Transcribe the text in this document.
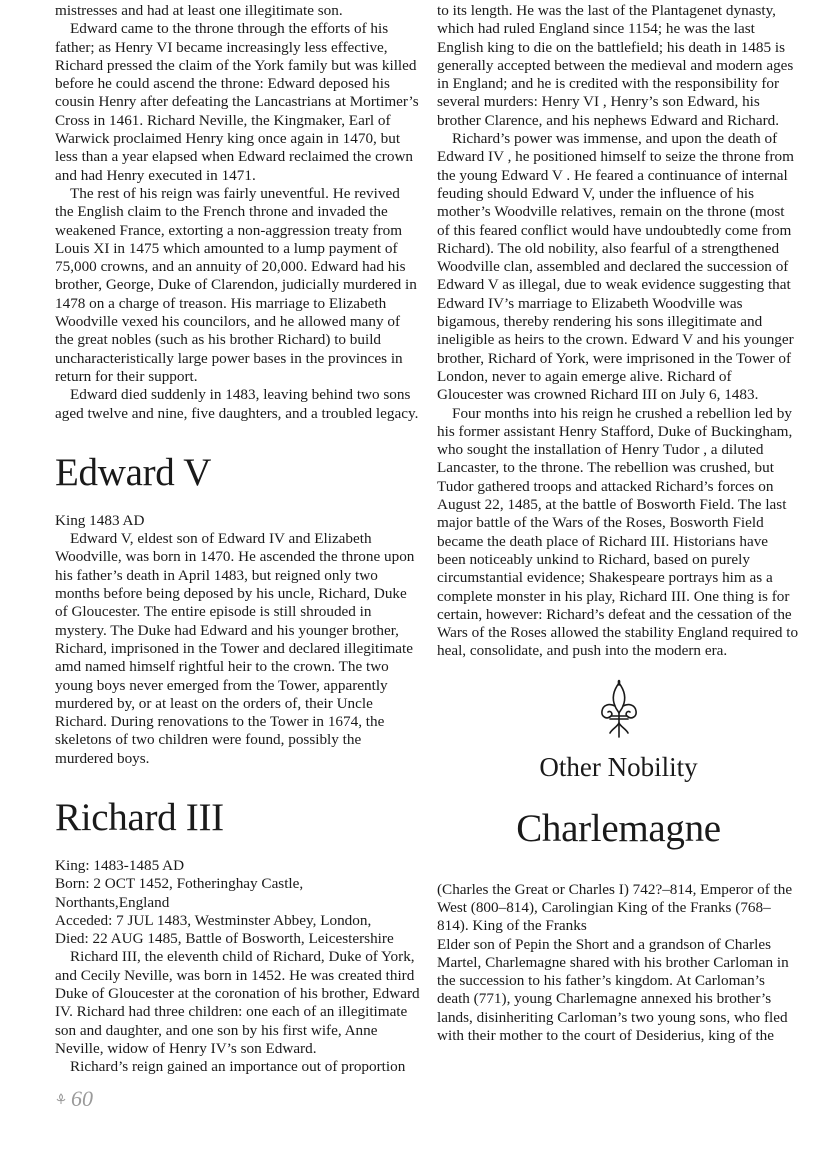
mistresses and had at least one illegitimate son.

Edward came to the throne through the efforts of his father; as Henry VI became increasingly less effective, Richard pressed the claim of the York family but was killed before he could ascend the throne: Edward deposed his cousin Henry after defeating the Lancastrians at Mortimer’s Cross in 1461. Richard Neville, the Kingmaker, Earl of Warwick proclaimed Henry king once again in 1470, but less than a year elapsed when Edward reclaimed the crown and had Henry executed in 1471.

The rest of his reign was fairly uneventful. He revived the English claim to the French throne and invaded the weakened France, extorting a non-aggression treaty from Louis XI in 1475 which amounted to a lump payment of 75,000 crowns, and an annuity of 20,000. Edward had his brother, George, Duke of Clarendon, judicially murdered in 1478 on a charge of treason. His marriage to Elizabeth Woodville vexed his councilors, and he allowed many of the great nobles (such as his brother Richard) to build uncharacteristically large power bases in the provinces in return for their support.

Edward died suddenly in 1483, leaving behind two sons aged twelve and nine, five daughters, and a troubled legacy.

Edward V

King 1483 AD

Edward V, eldest son of Edward IV and Elizabeth Woodville, was born in 1470. He ascended the throne upon his father’s death in April 1483, but reigned only two months before being deposed by his uncle, Richard, Duke of Gloucester. The entire episode is still shrouded in mystery. The Duke had Edward and his younger brother, Richard, imprisoned in the Tower and declared illegitimate amd named himself rightful heir to the crown. The two young boys never emerged from the Tower, apparently murdered by, or at least on the orders of, their Uncle Richard. During renovations to the Tower in 1674, the skeletons of two children were found, possibly the murdered boys.

Richard III

King: 1483-1485 AD

Born: 2 OCT 1452, Fotheringhay Castle, Northants,England

Acceded: 7 JUL 1483, Westminster Abbey, London,

Died: 22 AUG 1485, Battle of Bosworth, Leicestershire

Richard III, the eleventh child of Richard, Duke of York, and Cecily Neville, was born in 1452. He was created third Duke of Gloucester at the coronation of his brother, Edward IV. Richard had three children: one each of an illegitimate son and daughter, and one son by his first wife, Anne Neville, widow of Henry IV’s son Edward.

Richard’s reign gained an importance out of proportion

to its length. He was the last of the Plantagenet dynasty, which had ruled England since 1154; he was the last English king to die on the battlefield; his death in 1485 is generally accepted between the medieval and modern ages in England; and he is credited with the responsibility for several murders: Henry VI , Henry’s son Edward, his brother Clarence, and his nephews Edward and Richard.

Richard’s power was immense, and upon the death of Edward IV , he positioned himself to seize the throne from the young Edward V . He feared a continuance of internal feuding should Edward V, under the influence of his mother’s Woodville relatives, remain on the throne (most of this feared conflict would have undoubtedly come from Richard). The old nobility, also fearful of a strengthened Woodville clan, assembled and declared the succession of Edward V as illegal, due to weak evidence suggesting that Edward IV’s marriage to Elizabeth Woodville was bigamous, thereby rendering his sons illegitimate and ineligible as heirs to the crown. Edward V and his younger brother, Richard of York, were imprisoned in the Tower of London, never to again emerge alive. Richard of Gloucester was crowned Richard III on July 6, 1483.

Four months into his reign he crushed a rebellion led by his former assistant Henry Stafford, Duke of Buckingham, who sought the installation of Henry Tudor , a diluted Lancaster, to the throne. The rebellion was crushed, but Tudor gathered troops and attacked Richard’s forces on August 22, 1485, at the battle of Bosworth Field. The last major battle of the Wars of the Roses, Bosworth Field became the death place of Richard III. Historians have been noticeably unkind to Richard, based on purely circumstantial evidence; Shakespeare portrays him as a complete monster in his play, Richard III. One thing is for certain, however: Richard’s defeat and the cessation of the Wars of the Roses allowed the stability England required to heal, consolidate, and push into the modern era.

Other Nobility
Charlemagne

(Charles the Great or Charles I) 742?–814, Emperor of the West (800–814), Carolingian King of the Franks (768–814). King of the Franks

Elder son of Pepin the Short and a grandson of Charles Martel, Charlemagne shared with his brother Carloman in the succession to his father’s kingdom. At Carloman’s death (771), young Charlemagne annexed his brother’s lands, disinheriting Carloman’s two young sons, who fled with their mother to the court of Desiderius, king of the

60
